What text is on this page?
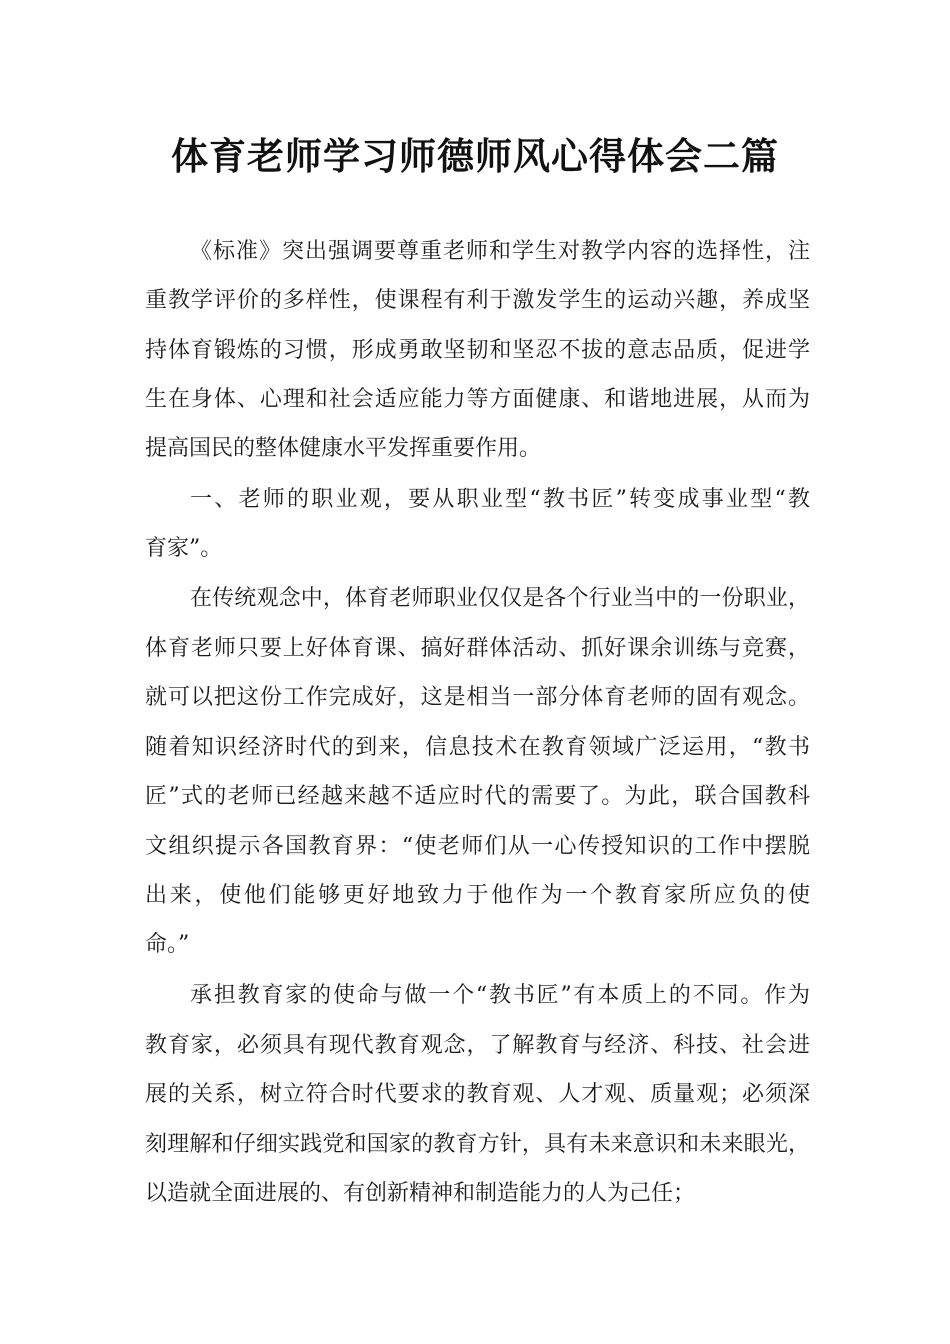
体育老师学习师德师风心得体会二篇
《标准》突出强调要尊重老师和学生对教学内容的选择性，注
重教学评价的多样性，使课程有利于激发学生的运动兴趣，养成坚
持体育锻炼的习惯，形成勇敢坚韧和坚忍不拔的意志品质，促进学
生在身体、心理和社会适应能力等方面健康、和谐地进展，从而为
提高国民的整体健康水平发挥重要作用。
一、老师的职业观，要从职业型“教书匠”转变成事业型“教
育家”。
在传统观念中，体育老师职业仅仅是各个行业当中的一份职业，
体育老师只要上好体育课、搞好群体活动、抓好课余训练与竞赛，
就可以把这份工作完成好，这是相当一部分体育老师的固有观念。
随着知识经济时代的到来，信息技术在教育领域广泛运用，“教书
匠”式的老师已经越来越不适应时代的需要了。为此，联合国教科
文组织提示各国教育界：“使老师们从一心传授知识的工作中摆脱
出来，使他们能够更好地致力于他作为一个教育家所应负的使
命。”
承担教育家的使命与做一个“教书匠”有本质上的不同。作为
教育家，必须具有现代教育观念，了解教育与经济、科技、社会进
展的关系，树立符合时代要求的教育观、人才观、质量观；必须深
刻理解和仔细实践党和国家的教育方针，具有未来意识和未来眼光，
以造就全面进展的、有创新精神和制造能力的人为己任；
